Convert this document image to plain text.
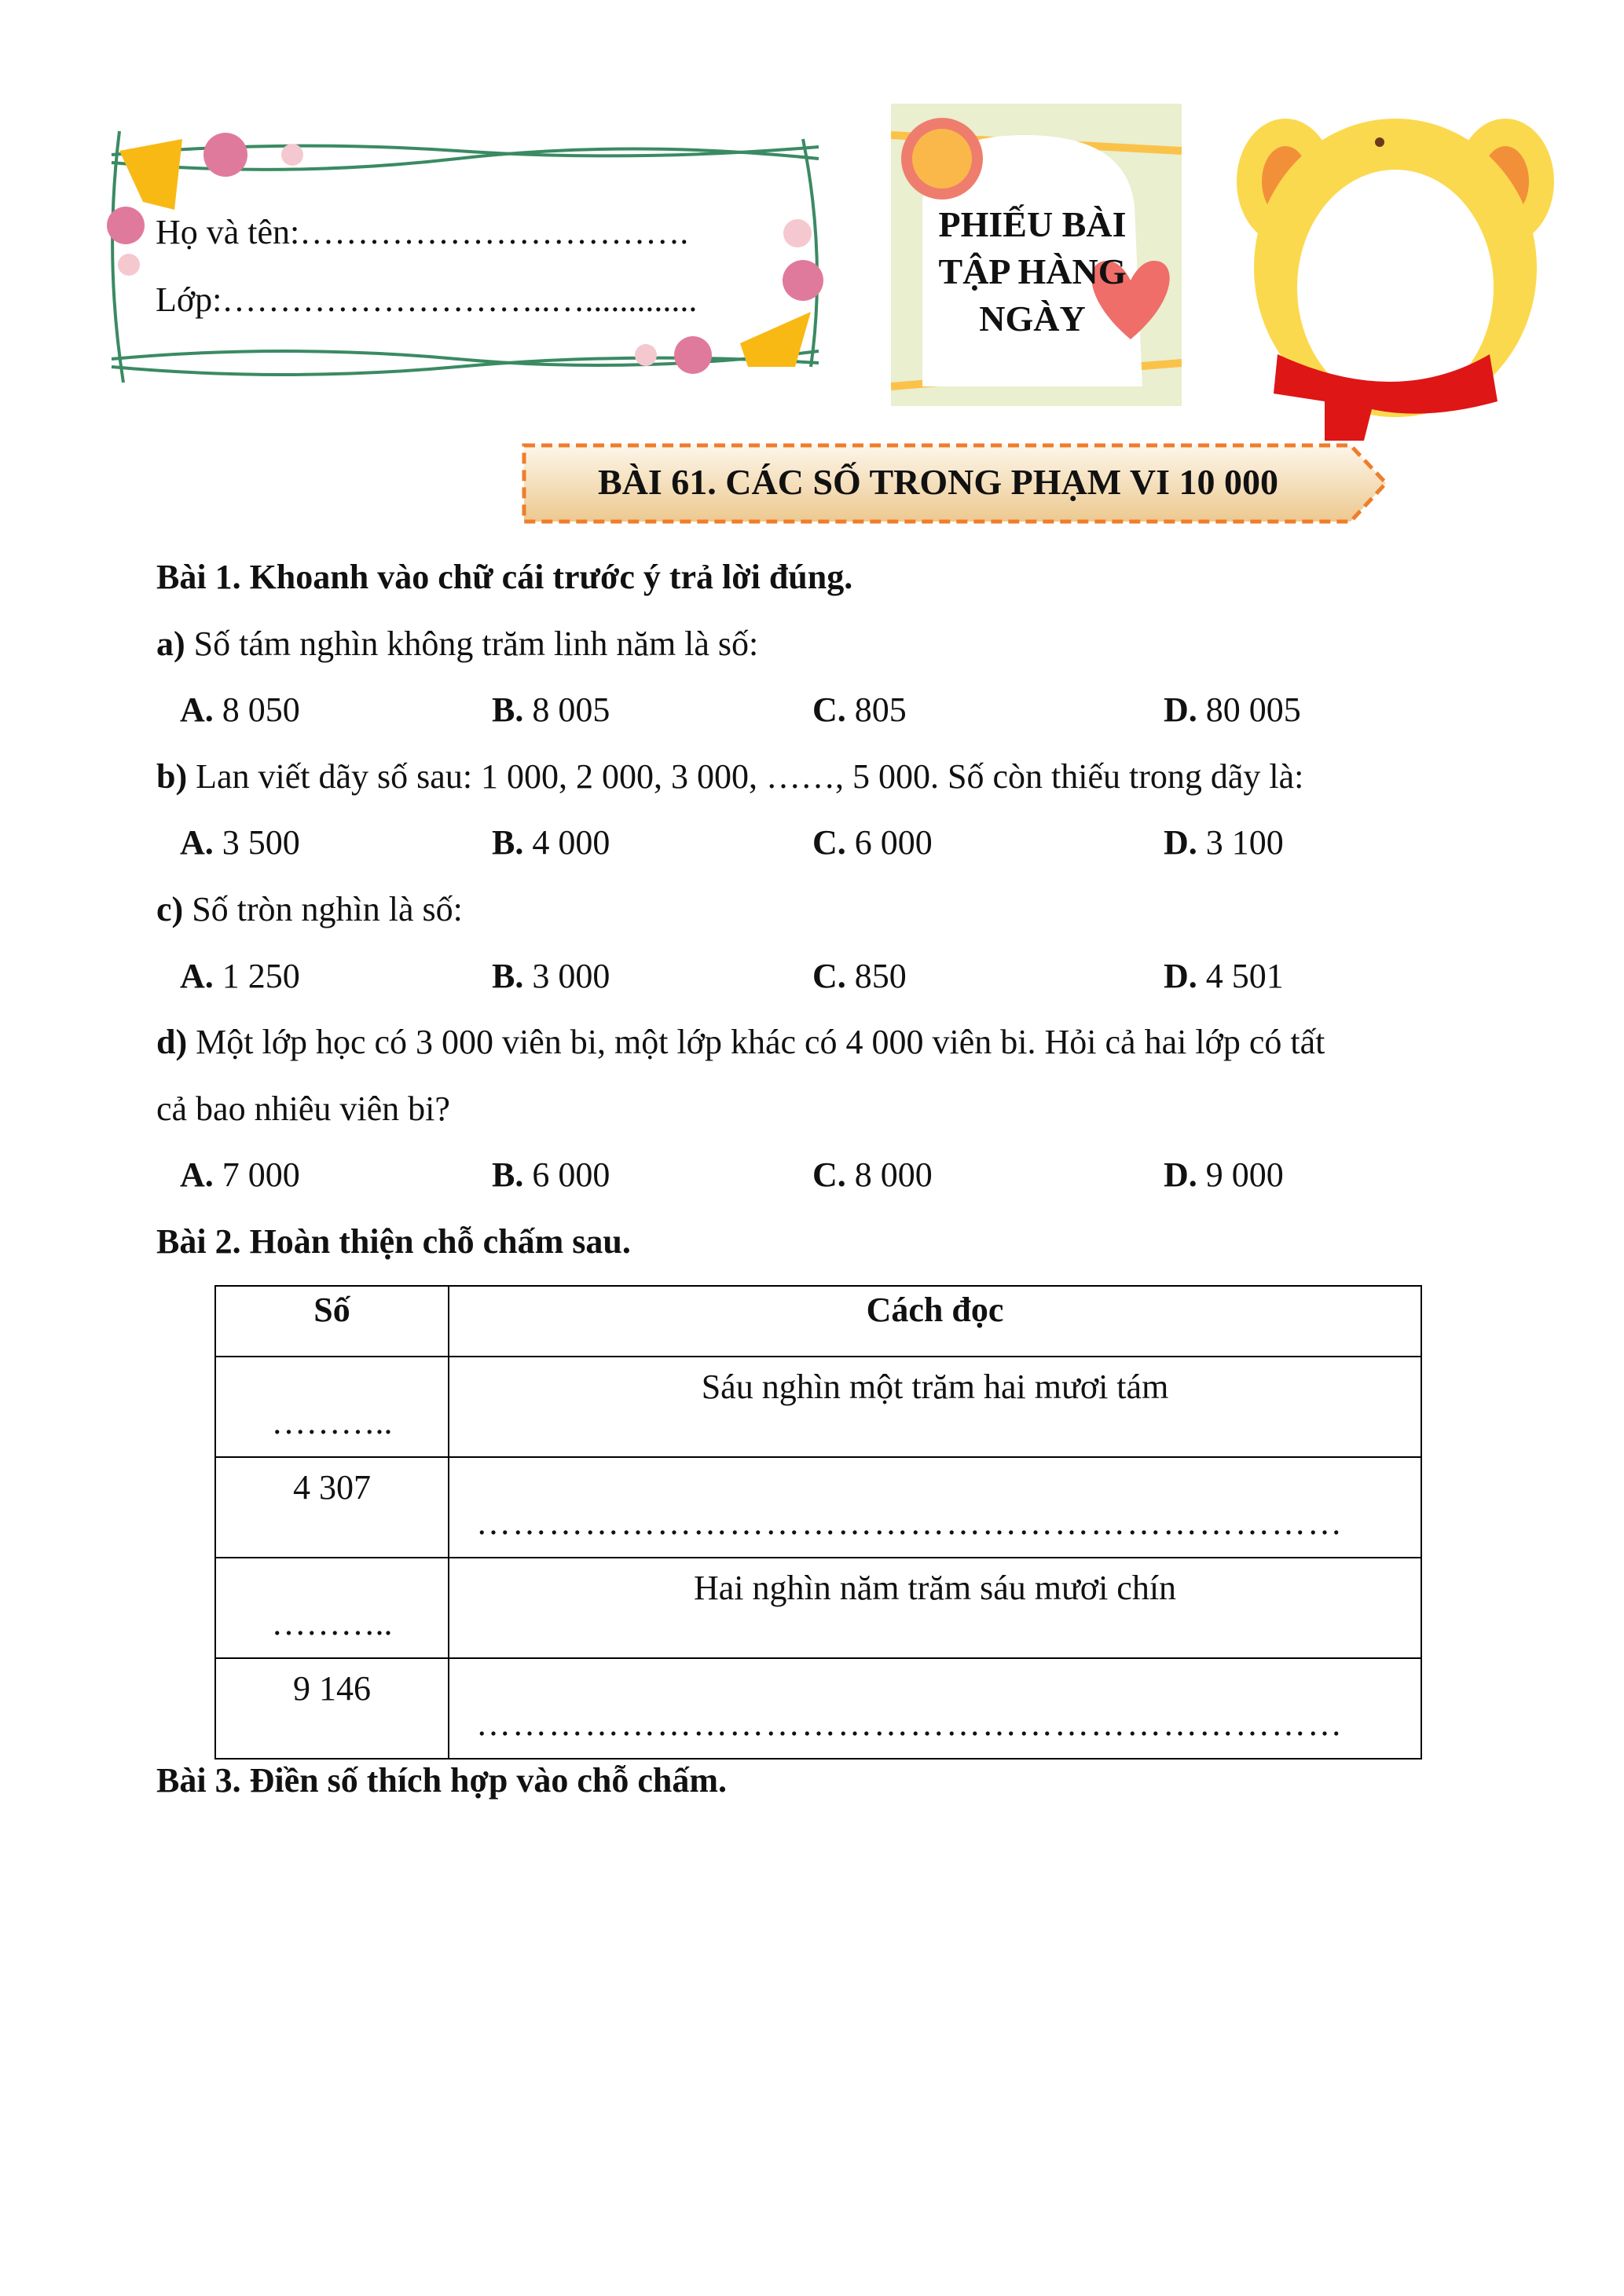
Họ và tên:…………………………….
Lớp:………………………..….............
PHIẾU BÀI
TẬP HÀNG
NGÀY
BÀI 61. CÁC SỐ TRONG PHẠM VI 10 000
Bài 1. Khoanh vào chữ cái trước ý trả lời đúng.
a) Số tám nghìn không trăm linh năm là số:
A. 8 050	B. 8 005	C. 805	D. 80 005
b) Lan viết dãy số sau: 1 000, 2 000, 3 000, ……, 5 000. Số còn thiếu trong dãy là:
A. 3 500	B. 4 000	C. 6 000	D. 3 100
c) Số tròn nghìn là số:
A. 1 250	B. 3 000	C. 850	D. 4 501
d) Một lớp học có 3 000 viên bi, một lớp khác có 4 000 viên bi. Hỏi cả hai lớp có tất
cả bao nhiêu viên bi?
A. 7 000	B. 6 000	C. 8 000	D. 9 000
Bài 2. Hoàn thiện chỗ chấm sau.
Số	Cách đọc

………..	Sáu nghìn một trăm hai mươi tám

4 307	………………………………………………………………

………..	Hai nghìn năm trăm sáu mươi chín

9 146	………………………………………………………………
Bài 3. Điền số thích hợp vào chỗ chấm.
